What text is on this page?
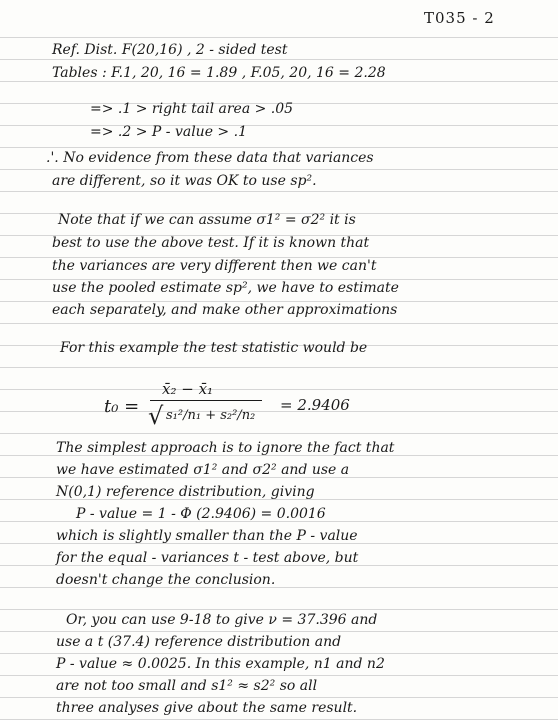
T035 - 2
Ref. Dist. F(20,16) , 2 - sided test
Tables : F.1, 20, 16 = 1.89 , F.05, 20, 16 = 2.28
=> .1 > right tail area > .05
=> .2 > P - value > .1
.'. No evidence from these data that variances
are different, so it was OK to use sp².
Note that if we can assume σ1² = σ2² it is
best to use the above test. If it is known that
the variances are very different then we can't
use the pooled estimate sp², we have to estimate
each separately, and make other approximations
For this example the test statistic would be
t₀ =
x̄₂ − x̄₁
√ s₁²/n₁ + s₂²/n₂
= 2.9406
The simplest approach is to ignore the fact that
we have estimated σ1² and σ2² and use a
N(0,1) reference distribution, giving
P - value = 1 - Φ (2.9406) = 0.0016
which is slightly smaller than the P - value
for the equal - variances t - test above, but
doesn't change the conclusion.
Or, you can use 9-18 to give ν = 37.396 and
use a t (37.4) reference distribution and
P - value ≈ 0.0025. In this example, n1 and n2
are not too small and s1² ≈ s2² so all
three analyses give about the same result.
